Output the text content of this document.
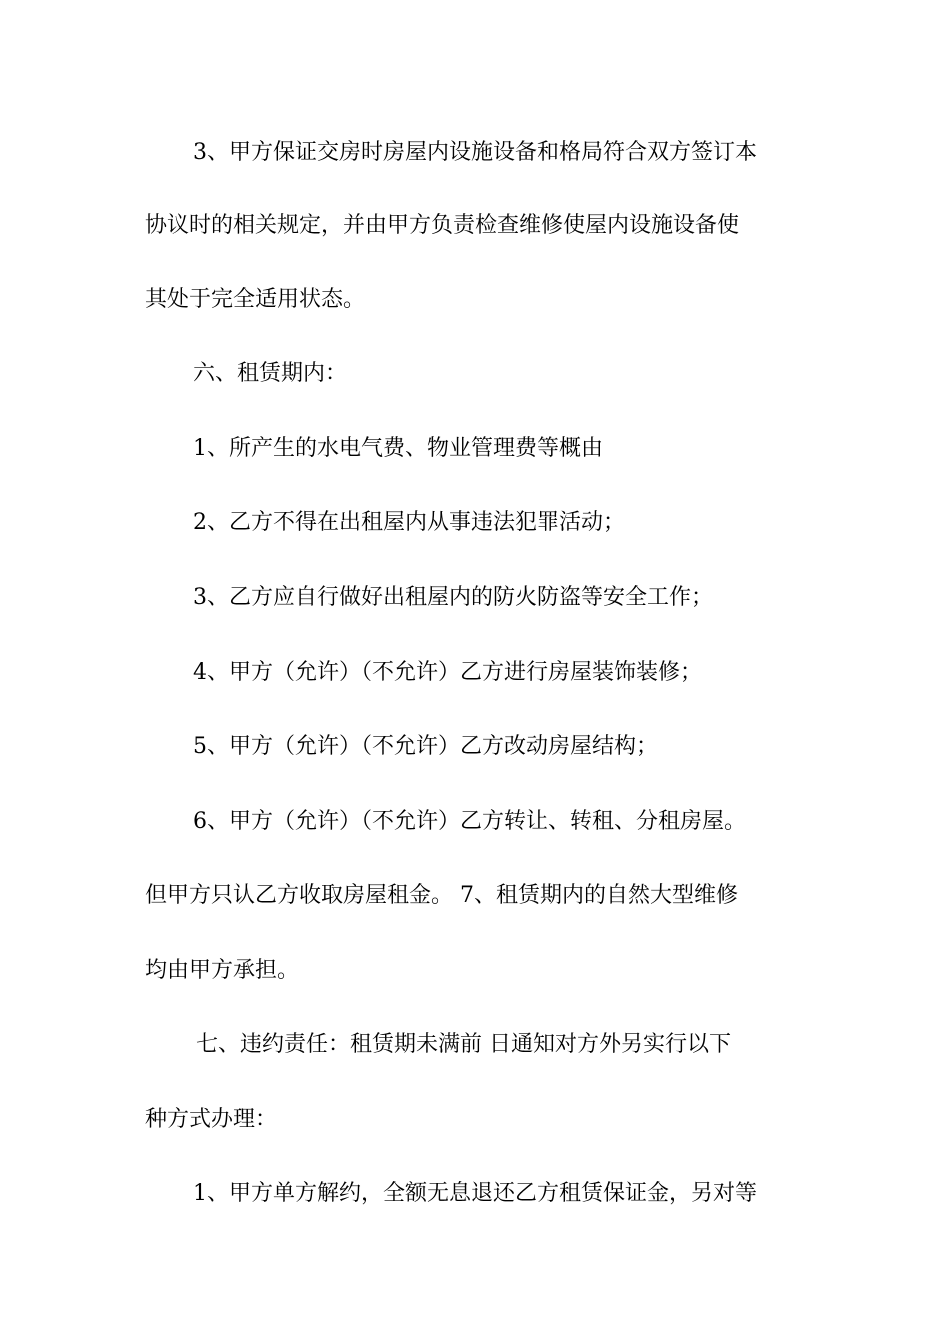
3、甲方保证交房时房屋内设施设备和格局符合双方签订本
协议时的相关规定，并由甲方负责检查维修使屋内设施设备使
其处于完全适用状态。
六、租赁期内：
1、所产生的水电气费、物业管理费等概由
2、乙方不得在出租屋内从事违法犯罪活动；
3、乙方应自行做好出租屋内的防火防盗等安全工作；
4、甲方（允许）（不允许）乙方进行房屋装饰装修；
5、甲方（允许）（不允许）乙方改动房屋结构；
6、甲方（允许）（不允许）乙方转让、转租、分租房屋。
但甲方只认乙方收取房屋租金。 7、租赁期内的自然大型维修
均由甲方承担。
七、违约责任：租赁期未满前 日通知对方外另实行以下
种方式办理：
1、甲方单方解约，全额无息退还乙方租赁保证金，另对等
